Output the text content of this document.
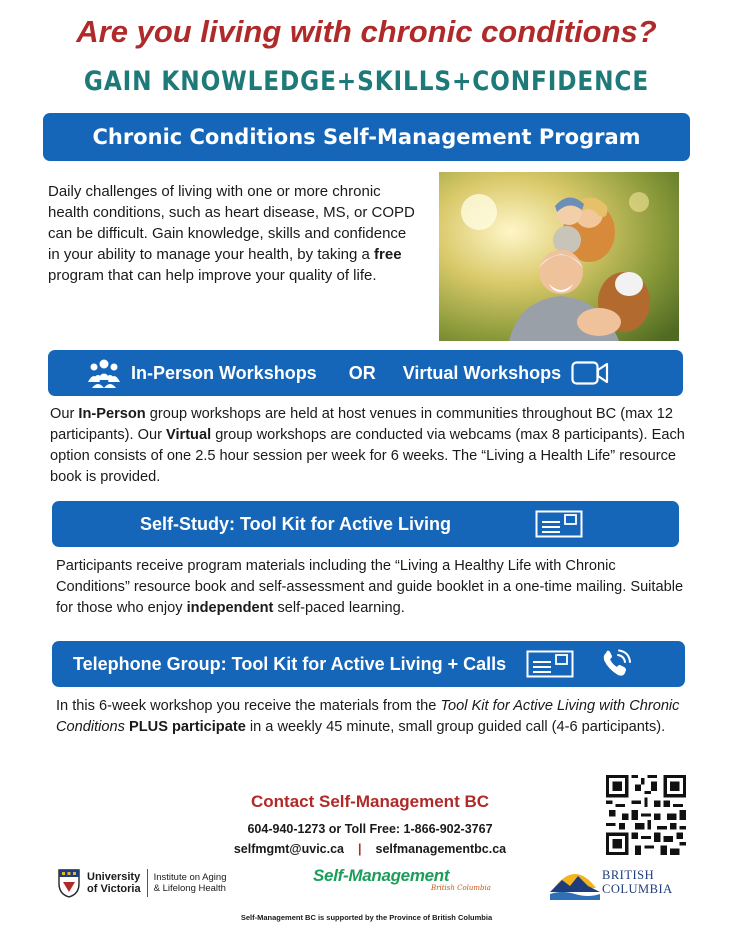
Are you living with chronic conditions?
GAIN KNOWLEDGE+SKILLS+CONFIDENCE
Chronic Conditions Self-Management Program
Daily challenges of living with one or more chronic health conditions, such as heart disease, MS, or COPD can be difficult. Gain knowledge, skills and confidence in your ability to manage your health, by taking a free program that can help improve your quality of life.
In-Person Workshops OR Virtual Workshops
Our In-Person group workshops are held at host venues in communities throughout BC (max 12 participants). Our Virtual group workshops are conducted via webcams (max 8 participants). Each option consists of one 2.5 hour session per week for 6 weeks. The “Living a Health Life” resource book is provided.
Self-Study: Tool Kit for Active Living
Participants receive program materials including the “Living a Healthy Life with Chronic Conditions” resource book and self-assessment and guide booklet in a one-time mailing. Suitable for those who enjoy independent self-paced learning.
Telephone Group: Tool Kit for Active Living + Calls
In this 6-week workshop you receive the materials from the Tool Kit for Active Living with Chronic Conditions PLUS participate in a weekly 45 minute, small group guided call (4-6 participants).
Contact Self-Management BC
604-940-1273 or Toll Free: 1-866-902-3767
selfmgmt@uvic.ca | selfmanagementbc.ca
University
of Victoria
Institute on Aging
& Lifelong Health
Self-Management
British Columbia
BRITISH
COLUMBIA
Self-Management BC is supported by the Province of British Columbia
